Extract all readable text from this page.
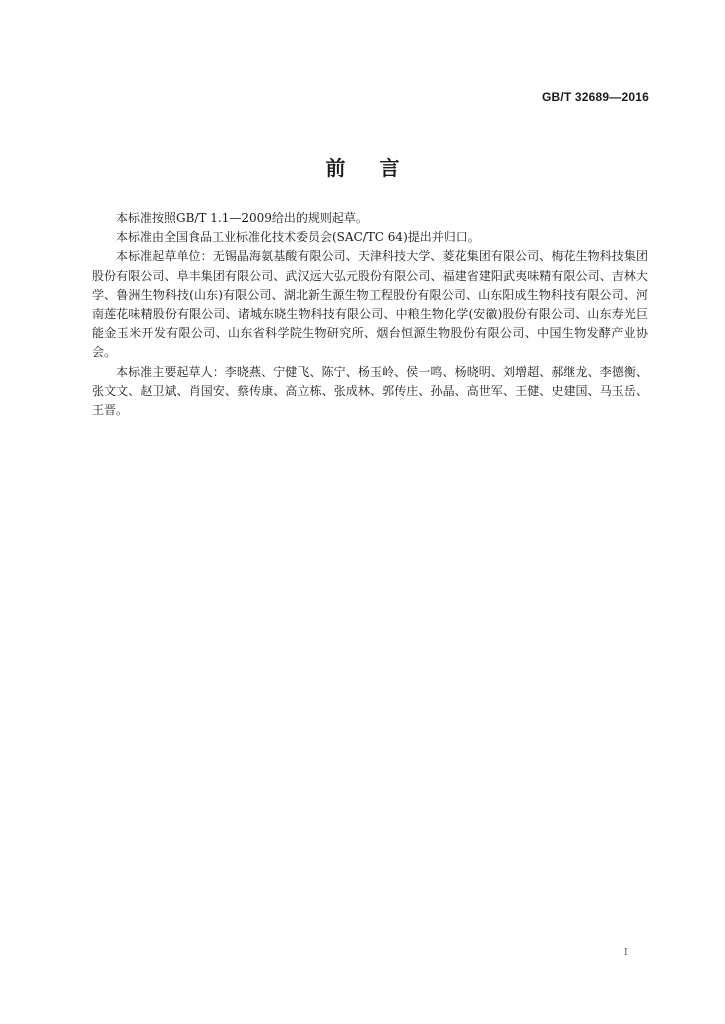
GB/T 32689—2016
前言

本标准按照GB/T 1.1—2009给出的规则起草。

本标准由全国食品工业标准化技术委员会(SAC/TC 64)提出并归口。

本标准起草单位：无锡晶海氨基酸有限公司、天津科技大学、菱花集团有限公司、梅花生物科技集团股份有限公司、阜丰集团有限公司、武汉远大弘元股份有限公司、福建省建阳武夷味精有限公司、吉林大学、鲁洲生物科技(山东)有限公司、湖北新生源生物工程股份有限公司、山东阳成生物科技有限公司、河南莲花味精股份有限公司、诸城东晓生物科技有限公司、中粮生物化学(安徽)股份有限公司、山东寿光巨能金玉米开发有限公司、山东省科学院生物研究所、烟台恒源生物股份有限公司、中国生物发酵产业协会。

本标准主要起草人：李晓燕、宁健飞、陈宁、杨玉岭、侯一鸣、杨晓明、刘增超、郝继龙、李德衡、张文文、赵卫斌、肖国安、蔡传康、高立栋、张成林、郭传庄、孙晶、高世军、王健、史建国、马玉岳、王晋。

I
